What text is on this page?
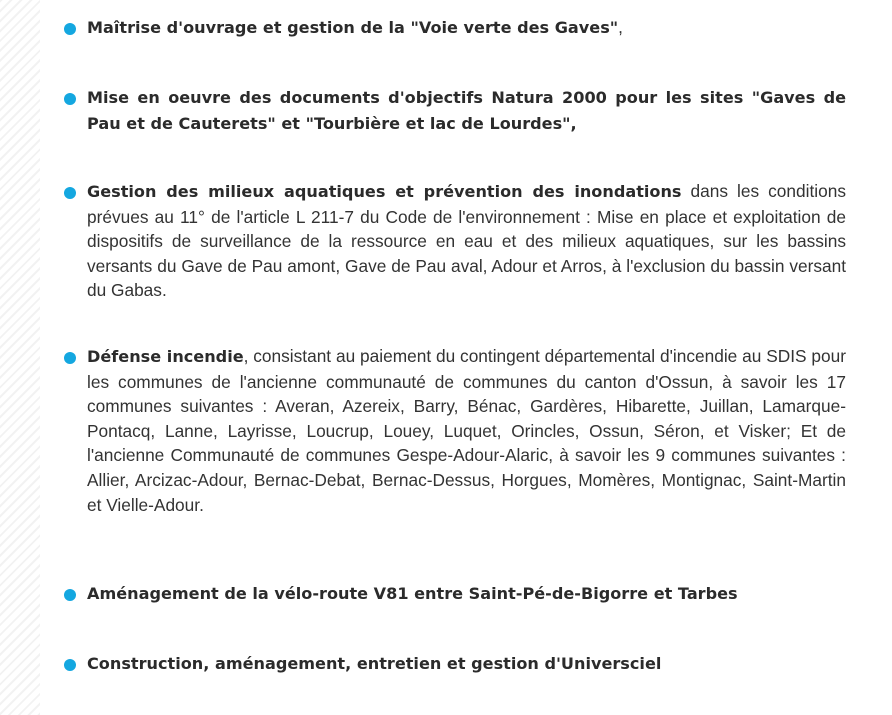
Maîtrise d'ouvrage et gestion de la "Voie verte des Gaves",
Mise en oeuvre des documents d'objectifs Natura 2000 pour les sites "Gaves de Pau et de Cauterets" et "Tourbière et lac de Lourdes",
Gestion des milieux aquatiques et prévention des inondations dans les conditions prévues au 11° de l'article L 211-7 du Code de l'environnement : Mise en place et exploitation de dispositifs de surveillance de la ressource en eau et des milieux aquatiques, sur les bassins versants du Gave de Pau amont, Gave de Pau aval, Adour et Arros, à l'exclusion du bassin versant du Gabas.
Défense incendie, consistant au paiement du contingent départemental d'incendie au SDIS pour les communes de l'ancienne communauté de communes du canton d'Ossun, à savoir les 17 communes suivantes : Averan, Azereix, Barry, Bénac, Gardères, Hibarette, Juillan, Lamarque-Pontacq, Lanne, Layrisse, Loucrup, Louey, Luquet, Orincles, Ossun, Séron, et Visker; Et de l'ancienne Communauté de communes Gespe-Adour-Alaric, à savoir les 9 communes suivantes : Allier, Arcizac-Adour, Bernac-Debat, Bernac-Dessus, Horgues, Momères, Montignac, Saint-Martin et Vielle-Adour.
Aménagement de la vélo-route V81 entre Saint-Pé-de-Bigorre et Tarbes
Construction, aménagement, entretien et gestion d'Universciel
